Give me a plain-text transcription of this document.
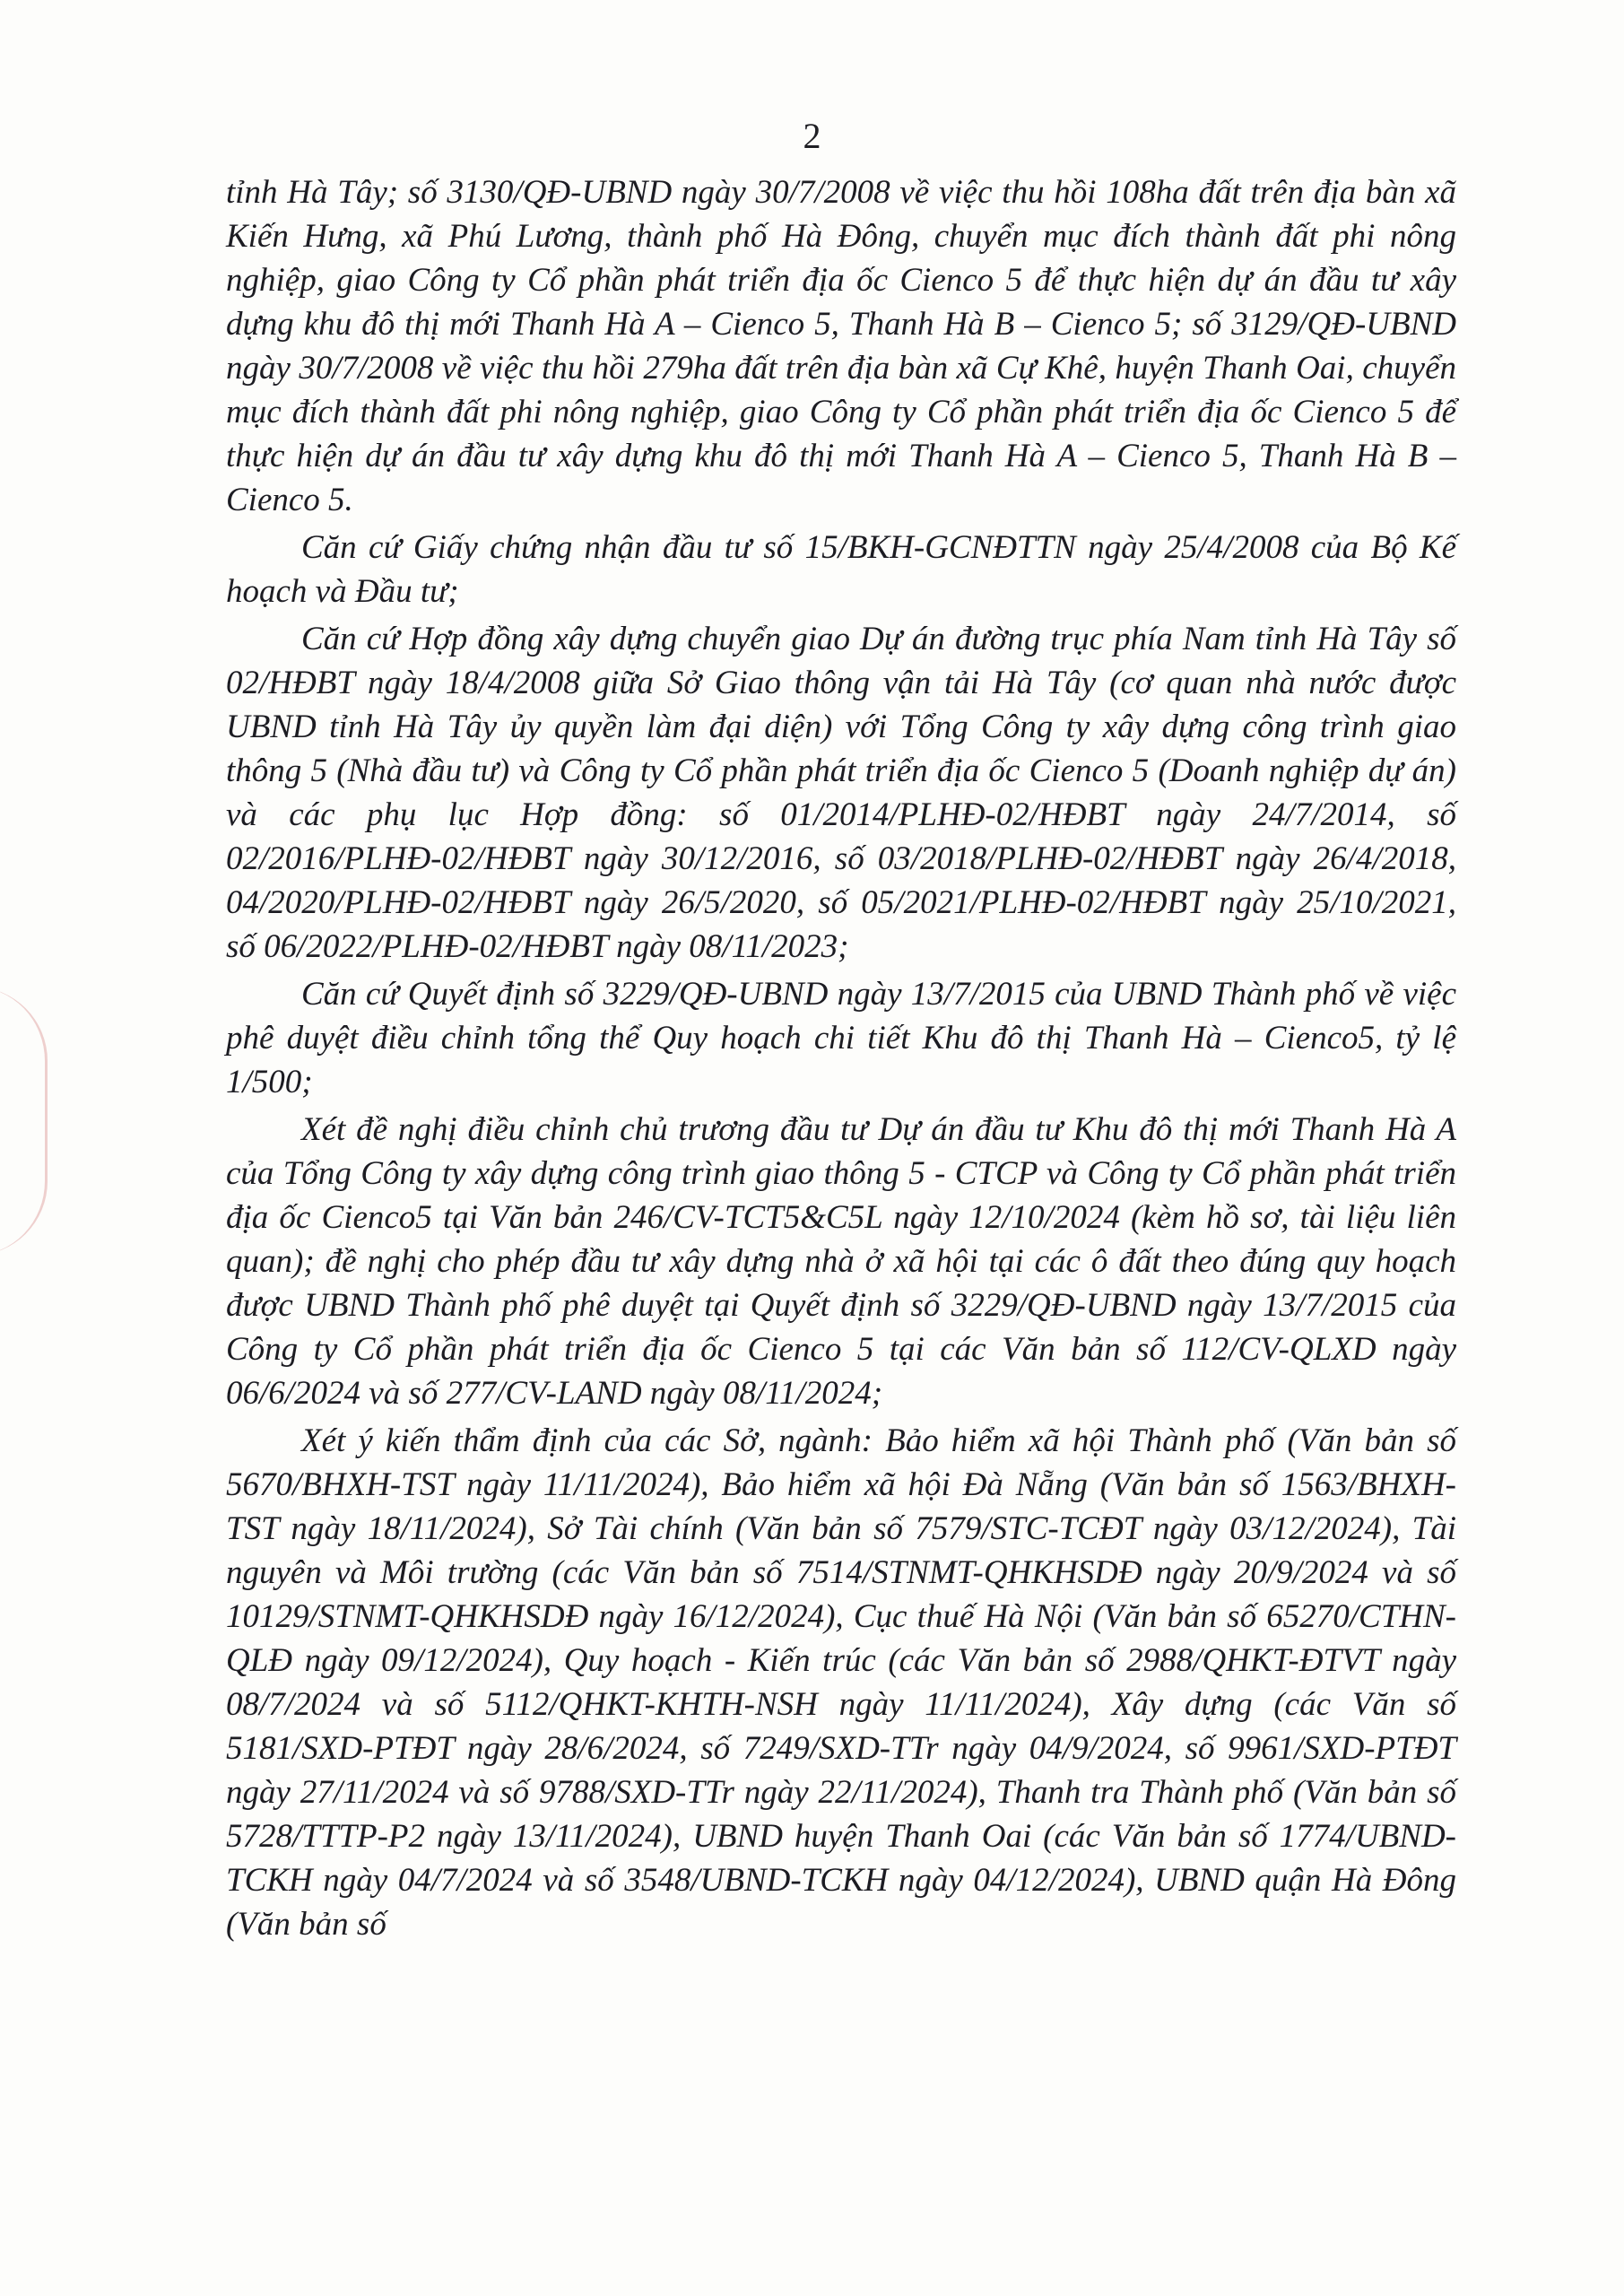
2

tỉnh Hà Tây; số 3130/QĐ-UBND ngày 30/7/2008 về việc thu hồi 108ha đất trên địa bàn xã Kiến Hưng, xã Phú Lương, thành phố Hà Đông, chuyển mục đích thành đất phi nông nghiệp, giao Công ty Cổ phần phát triển địa ốc Cienco 5 để thực hiện dự án đầu tư xây dựng khu đô thị mới Thanh Hà A – Cienco 5, Thanh Hà B – Cienco 5; số 3129/QĐ-UBND ngày 30/7/2008 về việc thu hồi 279ha đất trên địa bàn xã Cự Khê, huyện Thanh Oai, chuyển mục đích thành đất phi nông nghiệp, giao Công ty Cổ phần phát triển địa ốc Cienco 5 để thực hiện dự án đầu tư xây dựng khu đô thị mới Thanh Hà A – Cienco 5, Thanh Hà B – Cienco 5.

Căn cứ Giấy chứng nhận đầu tư số 15/BKH-GCNĐTTN ngày 25/4/2008 của Bộ Kế hoạch và Đầu tư;

Căn cứ Hợp đồng xây dựng chuyển giao Dự án đường trục phía Nam tỉnh Hà Tây số 02/HĐBT ngày 18/4/2008 giữa Sở Giao thông vận tải Hà Tây (cơ quan nhà nước được UBND tỉnh Hà Tây ủy quyền làm đại diện) với Tổng Công ty xây dựng công trình giao thông 5 (Nhà đầu tư) và Công ty Cổ phần phát triển địa ốc Cienco 5 (Doanh nghiệp dự án) và các phụ lục Hợp đồng: số 01/2014/PLHĐ-02/HĐBT ngày 24/7/2014, số 02/2016/PLHĐ-02/HĐBT ngày 30/12/2016, số 03/2018/PLHĐ-02/HĐBT ngày 26/4/2018, 04/2020/PLHĐ-02/HĐBT ngày 26/5/2020, số 05/2021/PLHĐ-02/HĐBT ngày 25/10/2021, số 06/2022/PLHĐ-02/HĐBT ngày 08/11/2023;

Căn cứ Quyết định số 3229/QĐ-UBND ngày 13/7/2015 của UBND Thành phố về việc phê duyệt điều chỉnh tổng thể Quy hoạch chi tiết Khu đô thị Thanh Hà – Cienco5, tỷ lệ 1/500;

Xét đề nghị điều chỉnh chủ trương đầu tư Dự án đầu tư Khu đô thị mới Thanh Hà A của Tổng Công ty xây dựng công trình giao thông 5 - CTCP và Công ty Cổ phần phát triển địa ốc Cienco5 tại Văn bản 246/CV-TCT5&C5L ngày 12/10/2024 (kèm hồ sơ, tài liệu liên quan); đề nghị cho phép đầu tư xây dựng nhà ở xã hội tại các ô đất theo đúng quy hoạch được UBND Thành phố phê duyệt tại Quyết định số 3229/QĐ-UBND ngày 13/7/2015 của Công ty Cổ phần phát triển địa ốc Cienco 5 tại các Văn bản số 112/CV-QLXD ngày 06/6/2024 và số 277/CV-LAND ngày 08/11/2024;

Xét ý kiến thẩm định của các Sở, ngành: Bảo hiểm xã hội Thành phố (Văn bản số 5670/BHXH-TST ngày 11/11/2024), Bảo hiểm xã hội Đà Nẵng (Văn bản số 1563/BHXH-TST ngày 18/11/2024), Sở Tài chính (Văn bản số 7579/STC-TCĐT ngày 03/12/2024), Tài nguyên và Môi trường (các Văn bản số 7514/STNMT-QHKHSDĐ ngày 20/9/2024 và số 10129/STNMT-QHKHSDĐ ngày 16/12/2024), Cục thuế Hà Nội (Văn bản số 65270/CTHN-QLĐ ngày 09/12/2024), Quy hoạch - Kiến trúc (các Văn bản số 2988/QHKT-ĐTVT ngày 08/7/2024 và số 5112/QHKT-KHTH-NSH ngày 11/11/2024), Xây dựng (các Văn số 5181/SXD-PTĐT ngày 28/6/2024, số 7249/SXD-TTr ngày 04/9/2024, số 9961/SXD-PTĐT ngày 27/11/2024 và số 9788/SXD-TTr ngày 22/11/2024), Thanh tra Thành phố (Văn bản số 5728/TTTP-P2 ngày 13/11/2024), UBND huyện Thanh Oai (các Văn bản số 1774/UBND-TCKH ngày 04/7/2024 và số 3548/UBND-TCKH ngày 04/12/2024), UBND quận Hà Đông (Văn bản số
